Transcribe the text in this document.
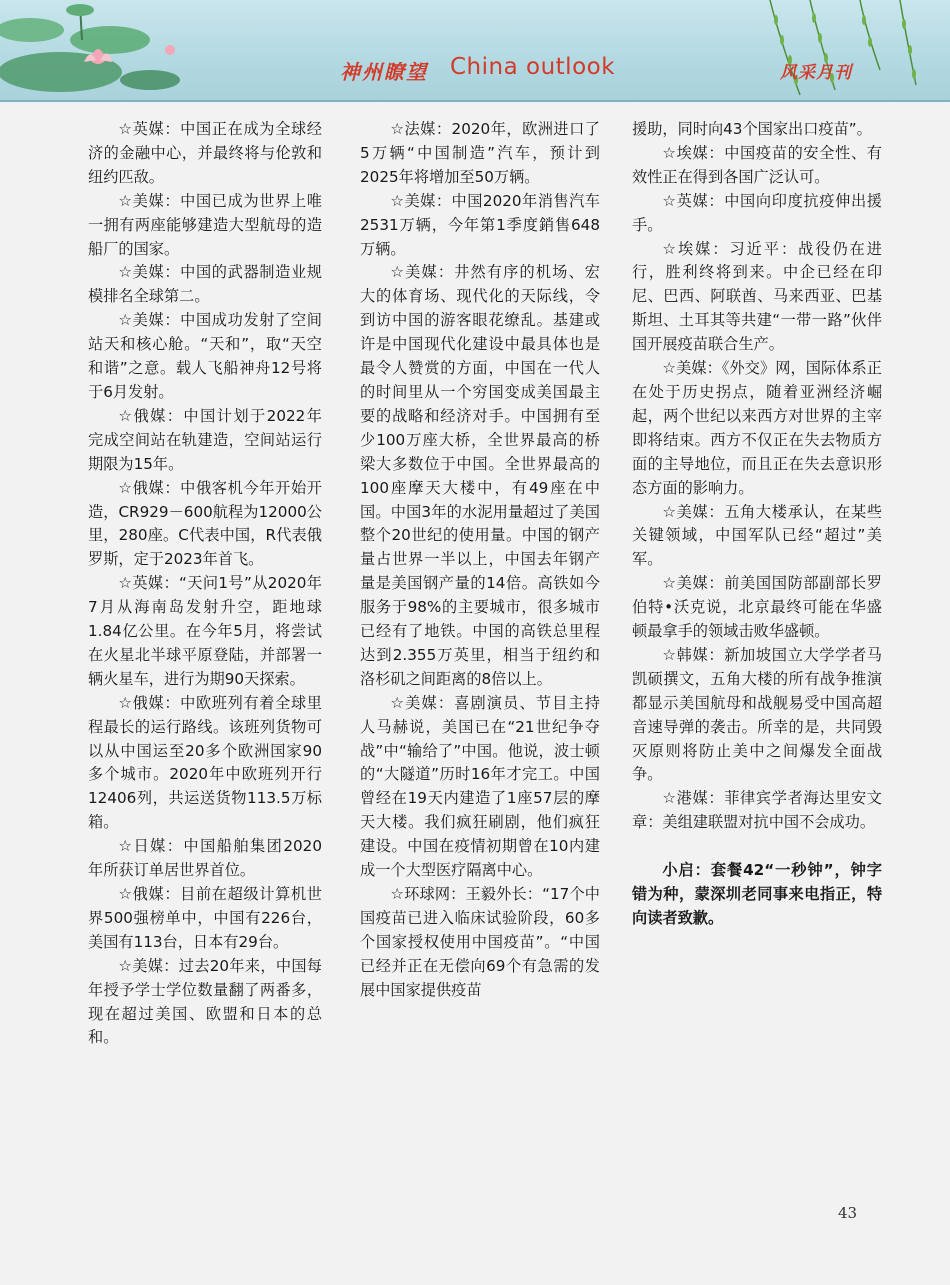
神州瞭望 China outlook	风采月刊

☆英媒：中国正在成为全球经济的金融中心，并最终将与伦敦和纽约匹敌。

☆美媒：中国已成为世界上唯一拥有两座能够建造大型航母的造船厂的国家。

☆美媒：中国的武器制造业规模排名全球第二。

☆美媒：中国成功发射了空间站天和核心舱。“天和”，取“天空和谐”之意。载人飞船神舟12号将于6月发射。

☆俄媒：中国计划于2022年完成空间站在轨建造，空间站运行期限为15年。

☆俄媒：中俄客机今年开始开造，CR929－600航程为12000公里，280座。C代表中国，R代表俄罗斯，定于2023年首飞。

☆英媒：“天问1号”从2020年7月从海南岛发射升空，距地球1.84亿公里。在今年5月，将尝试在火星北半球平原登陆，并部署一辆火星车，进行为期90天探索。

☆俄媒：中欧班列有着全球里程最长的运行路线。该班列货物可以从中国运至20多个欧洲国家90多个城市。2020年中欧班列开行12406列，共运送货物113.5万标箱。

☆日媒：中国船舶集团2020年所获订单居世界首位。

☆俄媒：目前在超级计算机世界500强榜单中，中国有226台，美国有113台，日本有29台。

☆美媒：过去20年来，中国每年授予学士学位数量翻了两番多，现在超过美国、欧盟和日本的总和。

☆法媒：2020年，欧洲进口了5万辆“中国制造”汽车，预计到2025年将增加至50万辆。

☆美媒：中国2020年消售汽车2531万辆，今年第1季度銷售648万辆。

☆美媒：井然有序的机场、宏大的体育场、现代化的天际线，令到访中国的游客眼花缭乱。基建或许是中国现代化建设中最具体也是最令人赞赏的方面，中国在一代人的时间里从一个穷国变成美国最主要的战略和经济对手。中国拥有至少100万座大桥，全世界最高的桥梁大多数位于中国。全世界最高的100座摩天大楼中，有49座在中国。中国3年的水泥用量超过了美国整个20世纪的使用量。中国的钢产量占世界一半以上，中国去年钢产量是美国钢产量的14倍。高铁如今服务于98%的主要城市，很多城市已经有了地铁。中国的高铁总里程达到2.355万英里，相当于纽约和洛杉矶之间距离的8倍以上。

☆美媒：喜剧演员、节目主持人马赫说，美国已在“21世纪争夺战”中“输给了”中国。他说，波士顿的“大隧道”历时16年才完工。中国曾经在19天内建造了1座57层的摩天大楼。我们疯狂刷剧，他们疯狂建设。中国在疫情初期曾在10内建成一个大型医疗隔离中心。

☆环球网：王毅外长：“17个中国疫苗已进入临床试验阶段，60多个国家授权使用中国疫苗”。“中国已经并正在无偿向69个有急需的发展中国家提供疫苗

援助，同时向43个国家出口疫苗”。

☆埃媒：中国疫苗的安全性、有效性正在得到各国广泛认可。

☆英媒：中国向印度抗疫伸出援手。

☆埃媒：习近平：战役仍在进行，胜利终将到来。中企已经在印尼、巴西、阿联酋、马来西亚、巴基斯坦、土耳其等共建“一带一路”伙伴国开展疫苗联合生产。

☆美媒：《外交》网，国际体系正在处于历史拐点，随着亚洲经济崛起，两个世纪以来西方对世界的主宰即将结束。西方不仅正在失去物质方面的主导地位，而且正在失去意识形态方面的影响力。

☆美媒：五角大楼承认，在某些关键领域，中国军队已经“超过”美军。

☆美媒：前美国国防部副部长罗伯特•沃克说，北京最终可能在华盛顿最拿手的领域击败华盛顿。

☆韩媒：新加坡国立大学学者马凯硕撰文，五角大楼的所有战争推演都显示美国航母和战舰易受中国高超音速导弹的袭击。所幸的是，共同毁灭原则将防止美中之间爆发全面战争。

☆港媒：菲律宾学者海达里安文章：美组建联盟对抗中国不会成功。

小启：套餐42“一秒钟”，钟字错为种，蒙深圳老同事来电指正，特向读者致歉。

43
